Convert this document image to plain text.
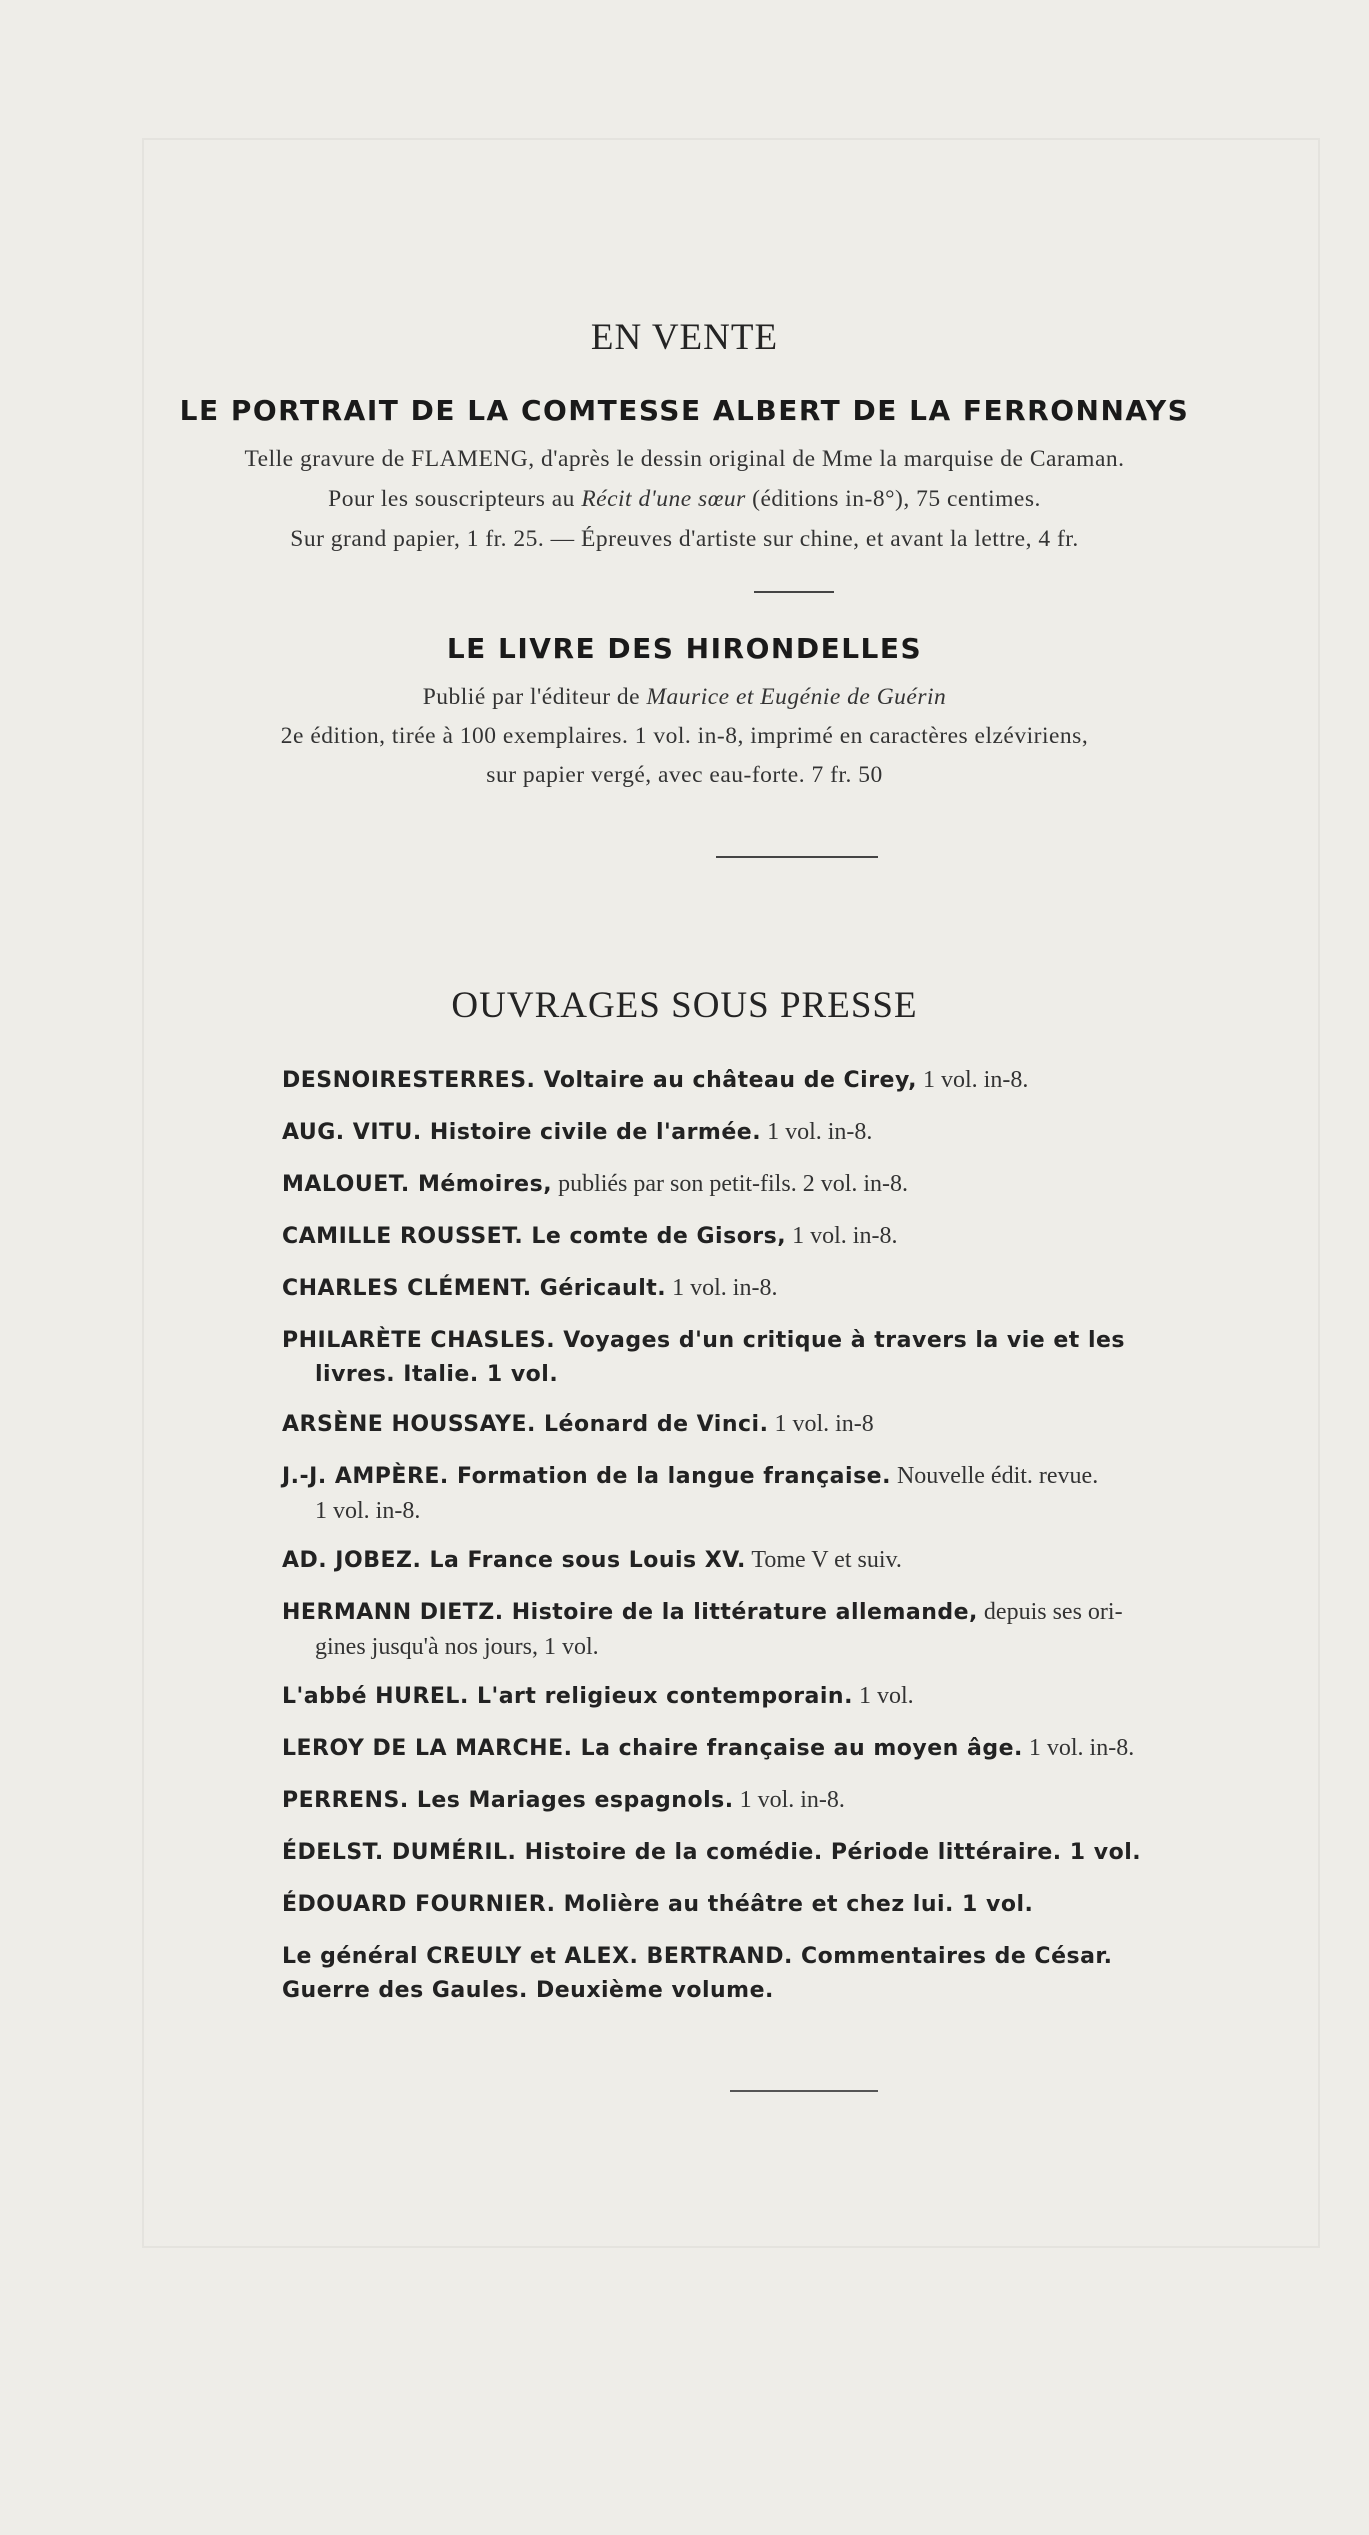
EN VENTE
LE PORTRAIT DE LA COMTESSE ALBERT DE LA FERRONNAYS
Telle gravure de FLAMENG, d'après le dessin original de Mme la marquise de Caraman.
Pour les souscripteurs au Récit d'une sœur (éditions in-8°), 75 centimes.
Sur grand papier, 1 fr. 25. — Épreuves d'artiste sur chine, et avant la lettre, 4 fr.
LE LIVRE DES HIRONDELLES
Publié par l'éditeur de Maurice et Eugénie de Guérin
2e édition, tirée à 100 exemplaires. 1 vol. in-8, imprimé en caractères elzéviriens,
sur papier vergé, avec eau-forte. 7 fr. 50
OUVRAGES SOUS PRESSE
DESNOIRESTERRES. Voltaire au château de Cirey, 1 vol. in-8.
AUG. VITU. Histoire civile de l'armée. 1 vol. in-8.
MALOUET. Mémoires, publiés par son petit-fils. 2 vol. in-8.
CAMILLE ROUSSET. Le comte de Gisors, 1 vol. in-8.
CHARLES CLÉMENT. Géricault. 1 vol. in-8.
PHILARÈTE CHASLES. Voyages d'un critique à travers la vie et les
livres. Italie. 1 vol.
ARSÈNE HOUSSAYE. Léonard de Vinci. 1 vol. in-8
J.-J. AMPÈRE. Formation de la langue française. Nouvelle édit. revue.
1 vol. in-8.
AD. JOBEZ. La France sous Louis XV. Tome V et suiv.
HERMANN DIETZ. Histoire de la littérature allemande, depuis ses ori-
gines jusqu'à nos jours, 1 vol.
L'abbé HUREL. L'art religieux contemporain. 1 vol.
LEROY DE LA MARCHE. La chaire française au moyen âge. 1 vol. in-8.
PERRENS. Les Mariages espagnols. 1 vol. in-8.
ÉDELST. DUMÉRIL. Histoire de la comédie. Période littéraire. 1 vol.
ÉDOUARD FOURNIER. Molière au théâtre et chez lui. 1 vol.
Le général CREULY et ALEX. BERTRAND. Commentaires de César.
Guerre des Gaules. Deuxième volume.
